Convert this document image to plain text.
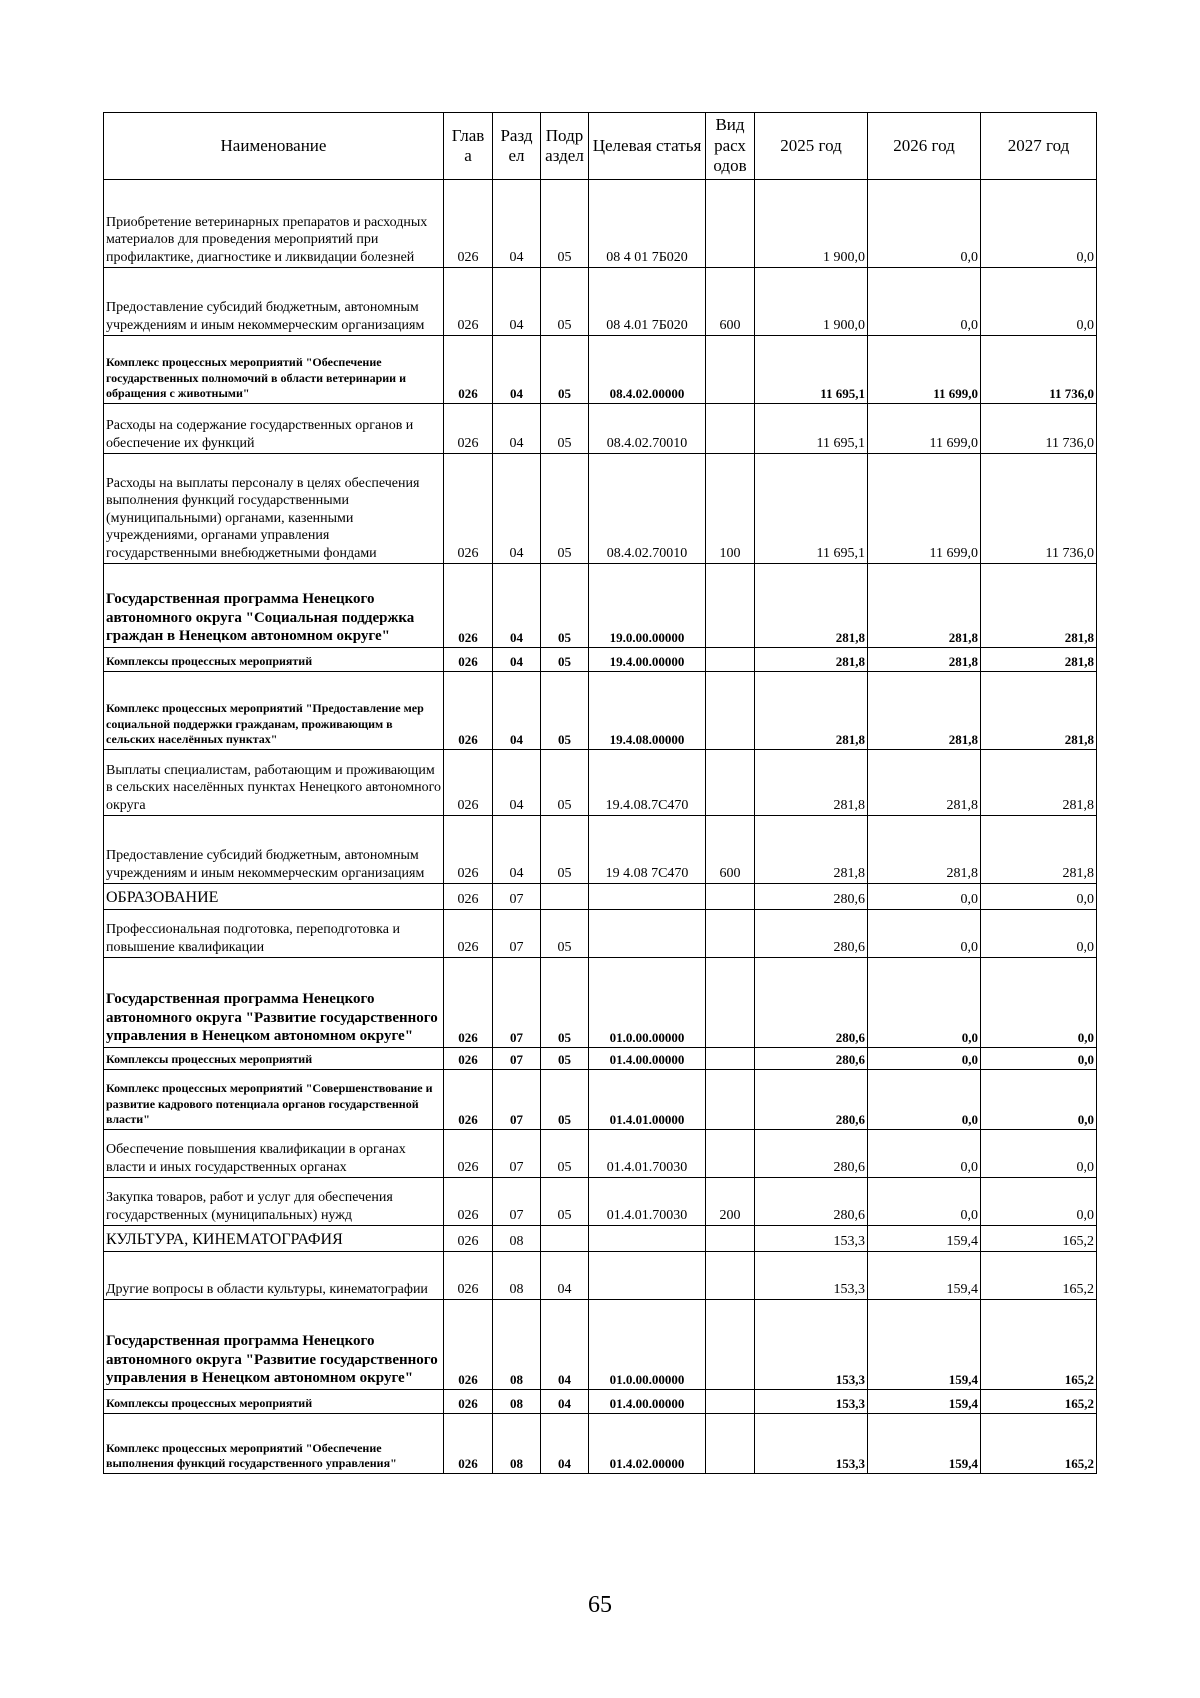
Наименование	Глав а	Разд ел	Подр аздел	Целевая статья	Вид расх одов	2025 год	2026 год	2027 год
Приобретение ветеринарных препаратов и расходных материалов для проведения мероприятий при профилактике, диагностике и ликвидации болезней	026	04	05	08 4 01 7Б020		1 900,0	0,0	0,0
Предоставление субсидий бюджетным, автономным учреждениям и иным некоммерческим организациям	026	04	05	08 4.01 7Б020	600	1 900,0	0,0	0,0
Комплекс процессных мероприятий "Обеспечение государственных полномочий в области ветеринарии и обращения с животными"	026	04	05	08.4.02.00000		11 695,1	11 699,0	11 736,0
Расходы на содержание государственных органов и обеспечение их функций	026	04	05	08.4.02.70010		11 695,1	11 699,0	11 736,0
Расходы на выплаты персоналу в целях обеспечения выполнения функций государственными (муниципальными) органами, казенными учреждениями, органами управления государственными внебюджетными фондами	026	04	05	08.4.02.70010	100	11 695,1	11 699,0	11 736,0
Государственная программа Ненецкого автономного округа "Социальная поддержка граждан в Ненецком автономном округе"	026	04	05	19.0.00.00000		281,8	281,8	281,8
Комплексы процессных мероприятий	026	04	05	19.4.00.00000		281,8	281,8	281,8
Комплекс процессных мероприятий "Предоставление мер социальной поддержки гражданам, проживающим в сельских населённых пунктах"	026	04	05	19.4.08.00000		281,8	281,8	281,8
Выплаты специалистам, работающим и проживающим в сельских населённых пунктах Ненецкого автономного округа	026	04	05	19.4.08.7С470		281,8	281,8	281,8
Предоставление субсидий бюджетным, автономным учреждениям и иным некоммерческим организациям	026	04	05	19 4.08 7С470	600	281,8	281,8	281,8
ОБРАЗОВАНИЕ	026	07				280,6	0,0	0,0
Профессиональная подготовка, переподготовка и повышение квалификации	026	07	05			280,6	0,0	0,0
Государственная программа Ненецкого автономного округа "Развитие государственного управления в Ненецком автономном округе"	026	07	05	01.0.00.00000		280,6	0,0	0,0
Комплексы процессных мероприятий	026	07	05	01.4.00.00000		280,6	0,0	0,0
Комплекс процессных мероприятий "Совершенствование и развитие кадрового потенциала органов государственной власти"	026	07	05	01.4.01.00000		280,6	0,0	0,0
Обеспечение повышения квалификации в органах власти и иных государственных органах	026	07	05	01.4.01.70030		280,6	0,0	0,0
Закупка товаров, работ и услуг для обеспечения государственных (муниципальных) нужд	026	07	05	01.4.01.70030	200	280,6	0,0	0,0
КУЛЬТУРА, КИНЕМАТОГРАФИЯ	026	08				153,3	159,4	165,2
Другие вопросы в области культуры, кинематографии	026	08	04			153,3	159,4	165,2
Государственная программа Ненецкого автономного округа "Развитие государственного управления в Ненецком автономном округе"	026	08	04	01.0.00.00000		153,3	159,4	165,2
Комплексы процессных мероприятий	026	08	04	01.4.00.00000		153,3	159,4	165,2
Комплекс процессных мероприятий "Обеспечение выполнения функций государственного управления"	026	08	04	01.4.02.00000		153,3	159,4	165,2
65
